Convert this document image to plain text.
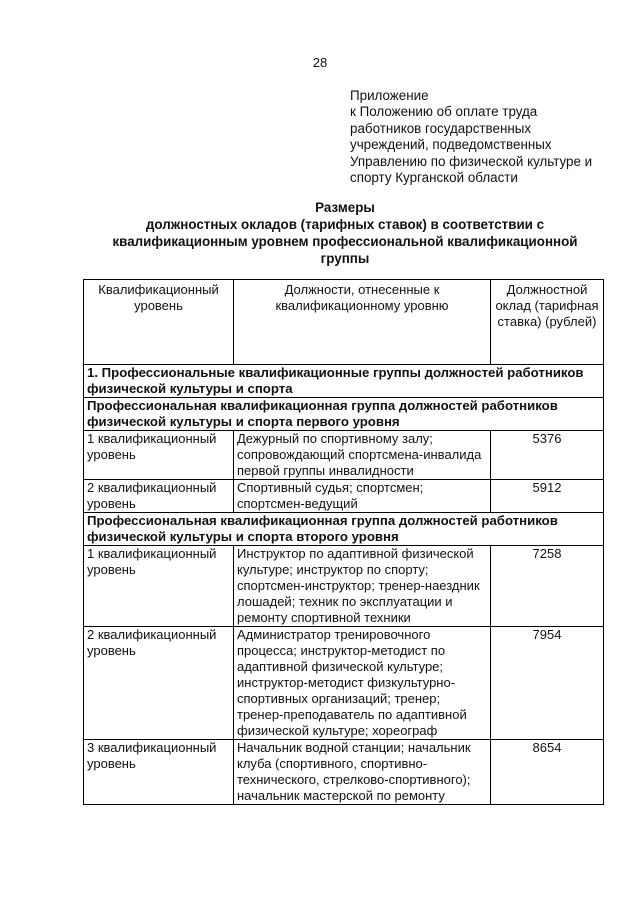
28
Приложение
к Положению об оплате труда
работников государственных
учреждений, подведомственных
Управлению по физической культуре и
спорту Курганской области
Размеры
должностных окладов (тарифных ставок) в соответствии с
квалификационным уровнем профессиональной квалификационной
группы
Квалификационный уровень	Должности, отнесенные к квалификационному уровню	Должностной оклад (тарифная ставка) (рублей)
1. Профессиональные квалификационные группы должностей работников физической культуры и спорта		
Профессиональная квалификационная группа должностей работников физической культуры и спорта первого уровня		
1 квалификационный уровень	Дежурный по спортивному залу; сопровождающий спортсмена-инвалида первой группы инвалидности	5376
2 квалификационный уровень	Спортивный судья; спортсмен; спортсмен-ведущий	5912
Профессиональная квалификационная группа должностей работников физической культуры и спорта второго уровня		
1 квалификационный уровень	Инструктор по адаптивной физической культуре; инструктор по спорту; спортсмен-инструктор; тренер-наездник лошадей; техник по эксплуатации и ремонту спортивной техники	7258
2 квалификационный уровень	Администратор тренировочного процесса; инструктор-методист по адаптивной физической культуре; инструктор-методист физкультурно-спортивных организаций; тренер; тренер-преподаватель по адаптивной физической культуре; хореограф	7954
3 квалификационный уровень	Начальник водной станции; начальник клуба (спортивного, спортивно-технического, стрелково-спортивного); начальник мастерской по ремонту	8654
